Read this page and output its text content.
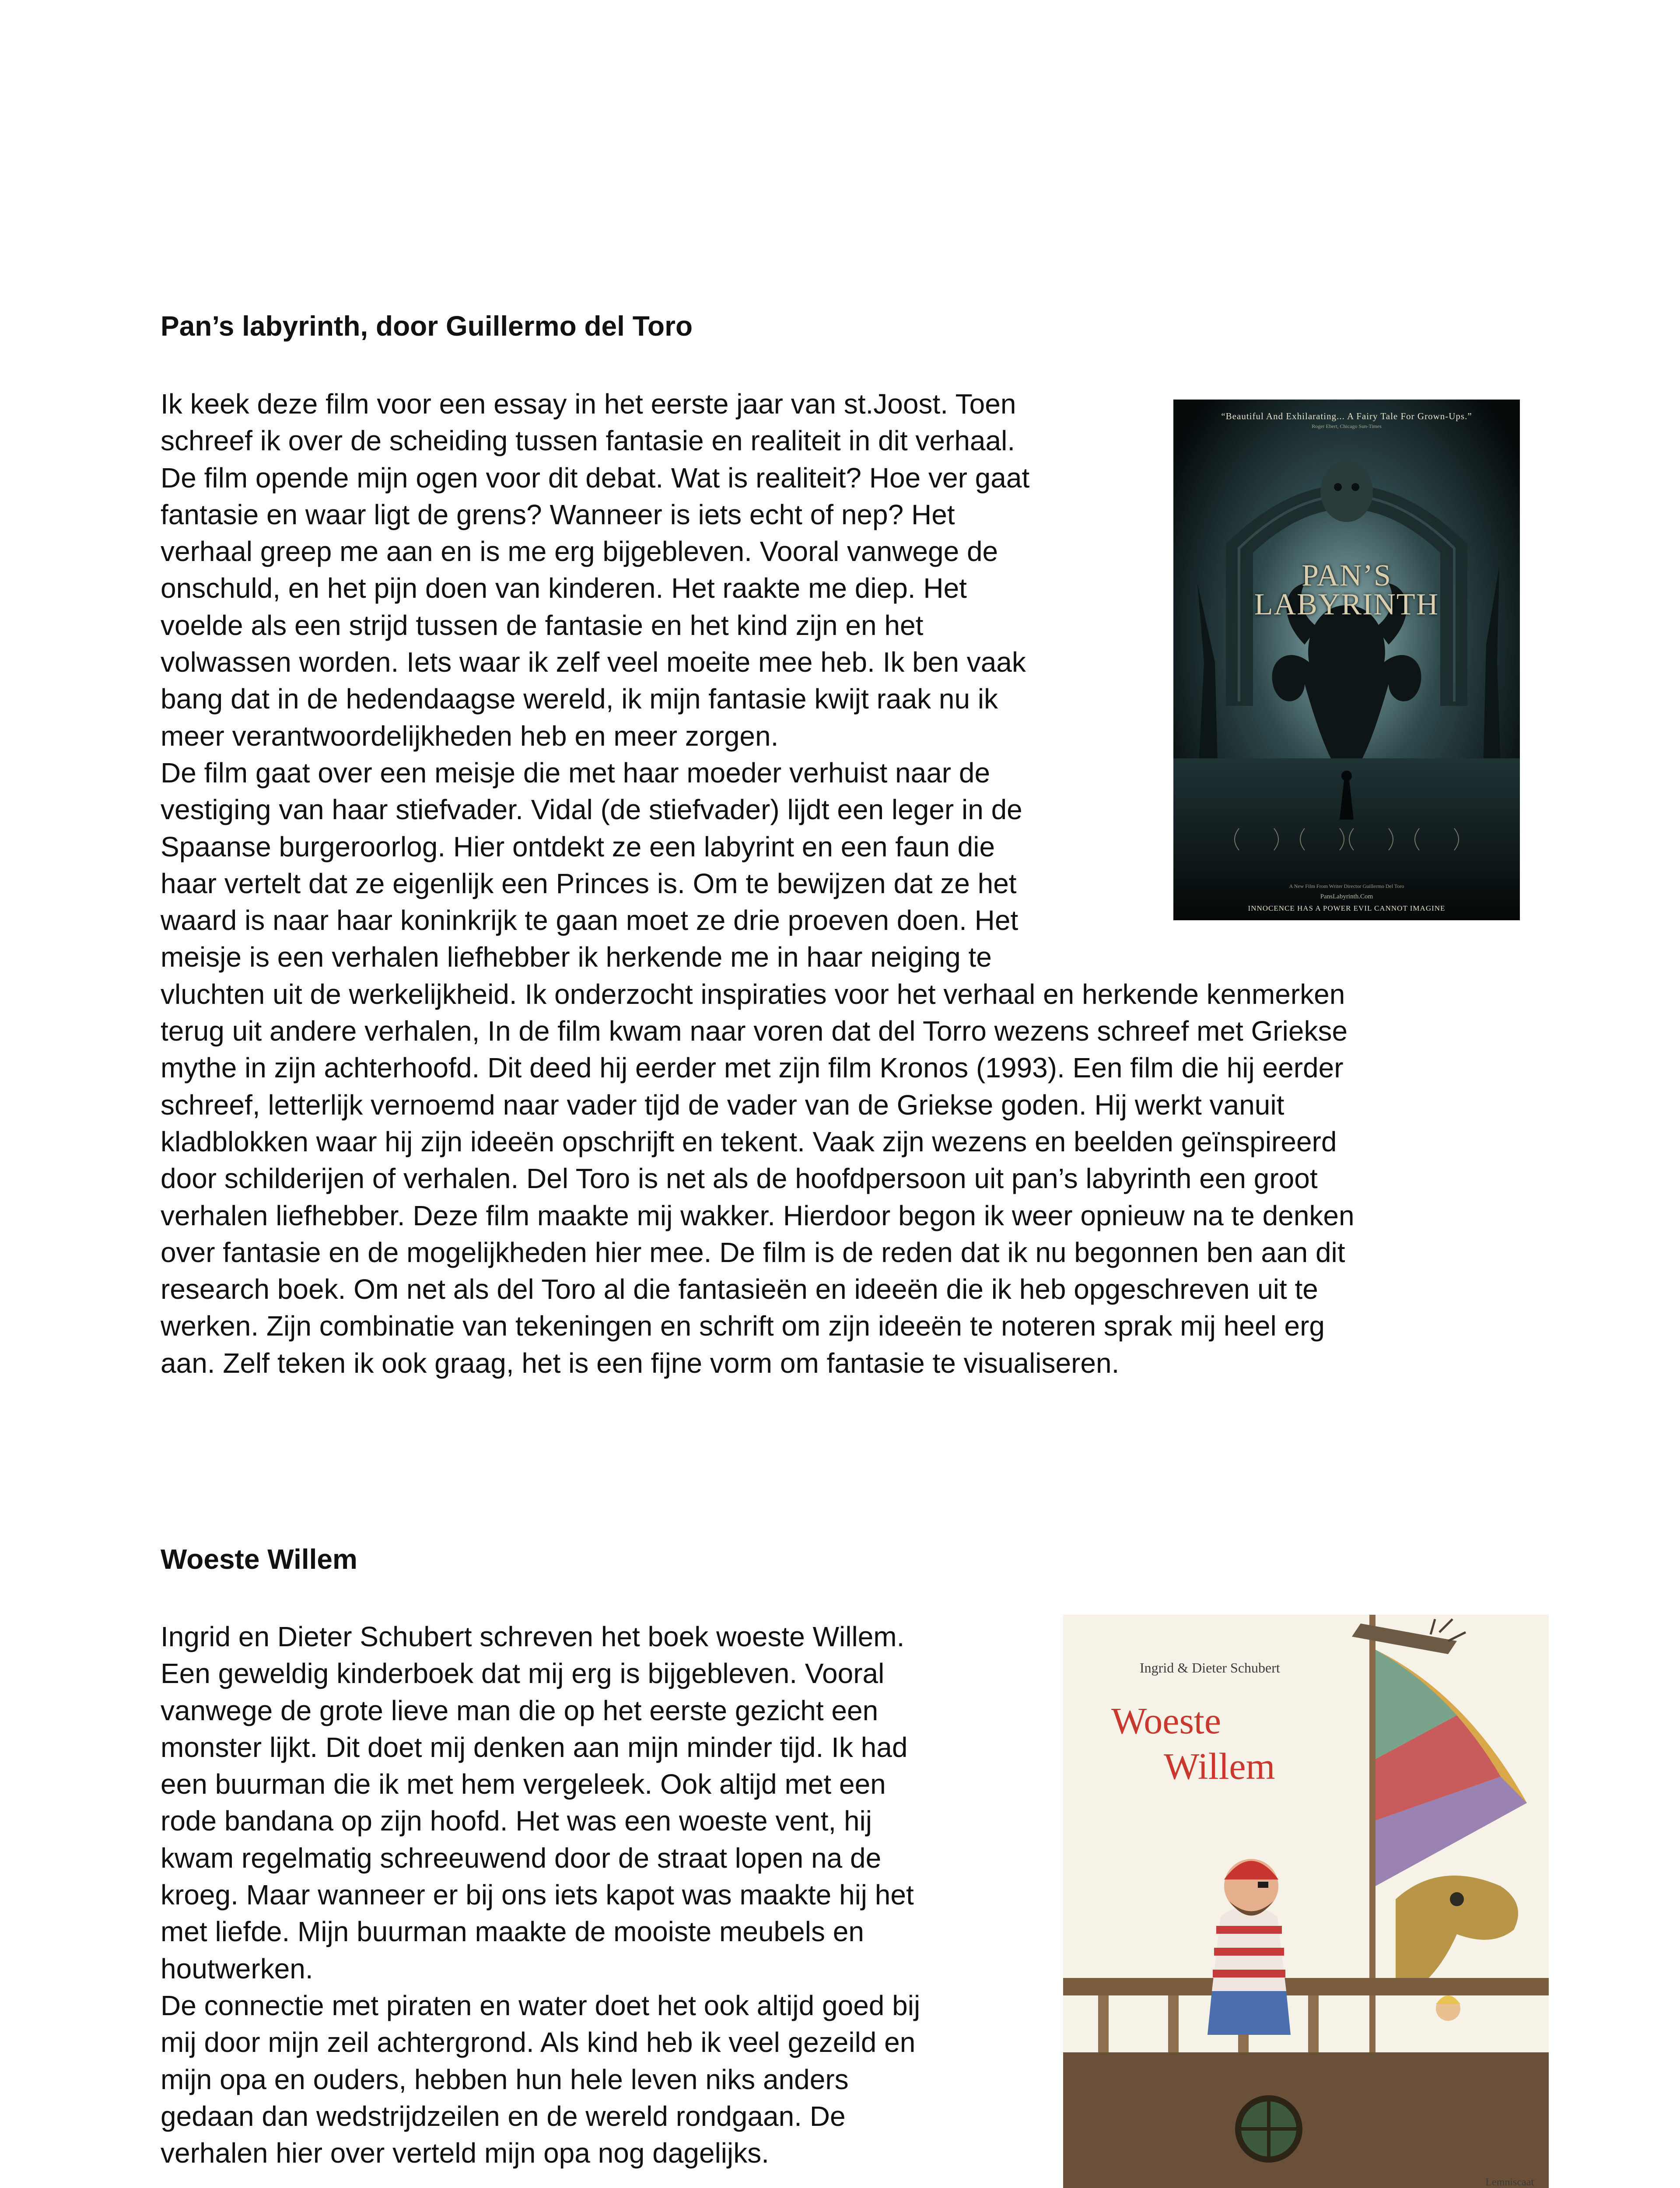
Pan’s labyrinth, door Guillermo del Toro

Ik keek deze film voor een essay in het eerste jaar van st.Joost. Toen
schreef ik over de scheiding tussen fantasie en realiteit in dit verhaal.
De film opende mijn ogen voor dit debat. Wat is realiteit? Hoe ver gaat
fantasie en waar ligt de grens? Wanneer is iets echt of nep? Het
verhaal greep me aan en is me erg bijgebleven. Vooral vanwege de
onschuld, en het pijn doen van kinderen. Het raakte me diep. Het
voelde als een strijd tussen de fantasie en het kind zijn en het
volwassen worden. Iets waar ik zelf veel moeite mee heb. Ik ben vaak
bang dat in de hedendaagse wereld, ik mijn fantasie kwijt raak nu ik
meer verantwoordelijkheden heb en meer zorgen.
De film gaat over een meisje die met haar moeder verhuist naar de
vestiging van haar stiefvader. Vidal (de stiefvader) lijdt een leger in de
Spaanse burgeroorlog. Hier ontdekt ze een labyrint en een faun die
haar vertelt dat ze eigenlijk een Princes is. Om te bewijzen dat ze het
waard is naar haar koninkrijk te gaan moet ze drie proeven doen. Het
meisje is een verhalen liefhebber ik herkende me in haar neiging te
vluchten uit de werkelijkheid. Ik onderzocht inspiraties voor het verhaal en herkende kenmerken
terug uit andere verhalen, In de film kwam naar voren dat del Torro wezens schreef met Griekse
mythe in zijn achterhoofd. Dit deed hij eerder met zijn film Kronos (1993). Een film die hij eerder
schreef, letterlijk vernoemd naar vader tijd de vader van de Griekse goden. Hij werkt vanuit
kladblokken waar hij zijn ideeën opschrijft en tekent. Vaak zijn wezens en beelden geïnspireerd
door schilderijen of verhalen. Del Toro is net als de hoofdpersoon uit pan’s labyrinth een groot
verhalen liefhebber. Deze film maakte mij wakker. Hierdoor begon ik weer opnieuw na te denken
over fantasie en de mogelijkheden hier mee. De film is de reden dat ik nu begonnen ben aan dit
research boek. Om net als del Toro al die fantasieën en ideeën die ik heb opgeschreven uit te
werken. Zijn combinatie van tekeningen en schrift om zijn ideeën te noteren sprak mij heel erg
aan. Zelf teken ik ook graag, het is een fijne vorm om fantasie te visualiseren.

“Beautiful And Exhilarating... A Fairy Tale For Grown-Ups.”
Roger Ebert, Chicago Sun-Times
PAN’S
LABYRINTH
A New Film From Writer Director Guillermo Del Toro
PansLabyrinth.Com
INNOCENCE HAS A POWER EVIL CANNOT IMAGINE
Woeste Willem

Ingrid en Dieter Schubert schreven het boek woeste Willem.
Een geweldig kinderboek dat mij erg is bijgebleven. Vooral
vanwege de grote lieve man die op het eerste gezicht een
monster lijkt. Dit doet mij denken aan mijn minder tijd. Ik had
een buurman die ik met hem vergeleek. Ook altijd met een
rode bandana op zijn hoofd. Het was een woeste vent, hij
kwam regelmatig schreeuwend door de straat lopen na de
kroeg. Maar wanneer er bij ons iets kapot was maakte hij het
met liefde. Mijn buurman maakte de mooiste meubels en
houtwerken.
De connectie met piraten en water doet het ook altijd goed bij
mij door mijn zeil achtergrond. Als kind heb ik veel gezeild en
mijn opa en ouders, hebben hun hele leven niks anders
gedaan dan wedstrijdzeilen en de wereld rondgaan. De
verhalen hier over verteld mijn opa nog dagelijks.

Ingrid & Dieter Schubert
Woeste
Willem
Lemniscaat
